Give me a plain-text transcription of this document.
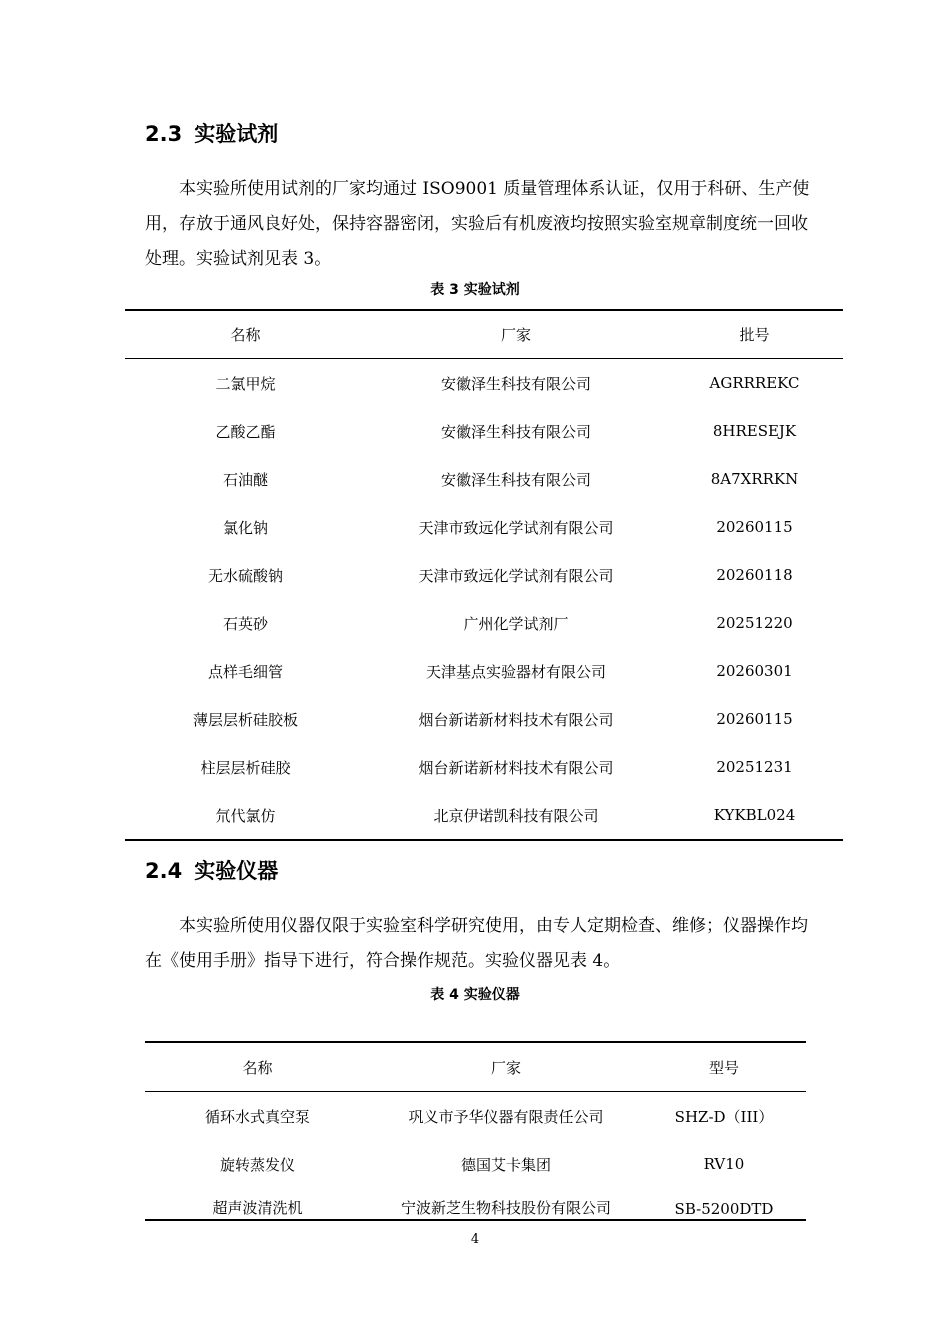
2.3 实验试剂

本实验所使用试剂的厂家均通过 ISO9001 质量管理体系认证，仅用于科研、生产使用，存放于通风良好处，保持容器密闭，实验后有机废液均按照实验室规章制度统一回收处理。实验试剂见表 3。

表 3 实验试剂
名称	厂家	批号
二氯甲烷	安徽泽生科技有限公司	AGRRREKC
乙酸乙酯	安徽泽生科技有限公司	8HRESEJK
石油醚	安徽泽生科技有限公司	8A7XRRKN
氯化钠	天津市致远化学试剂有限公司	20260115
无水硫酸钠	天津市致远化学试剂有限公司	20260118
石英砂	广州化学试剂厂	20251220
点样毛细管	天津基点实验器材有限公司	20260301
薄层层析硅胶板	烟台新诺新材料技术有限公司	20260115
柱层层析硅胶	烟台新诺新材料技术有限公司	20251231
氘代氯仿	北京伊诺凯科技有限公司	KYKBL024
2.4 实验仪器

本实验所使用仪器仅限于实验室科学研究使用，由专人定期检查、维修；仪器操作均在《使用手册》指导下进行，符合操作规范。实验仪器见表 4。

表 4 实验仪器
名称	厂家	型号
循环水式真空泵	巩义市予华仪器有限责任公司	SHZ-D（III）
旋转蒸发仪	德国艾卡集团	RV10
超声波清洗机	宁波新芝生物科技股份有限公司	SB-5200DTD
4
